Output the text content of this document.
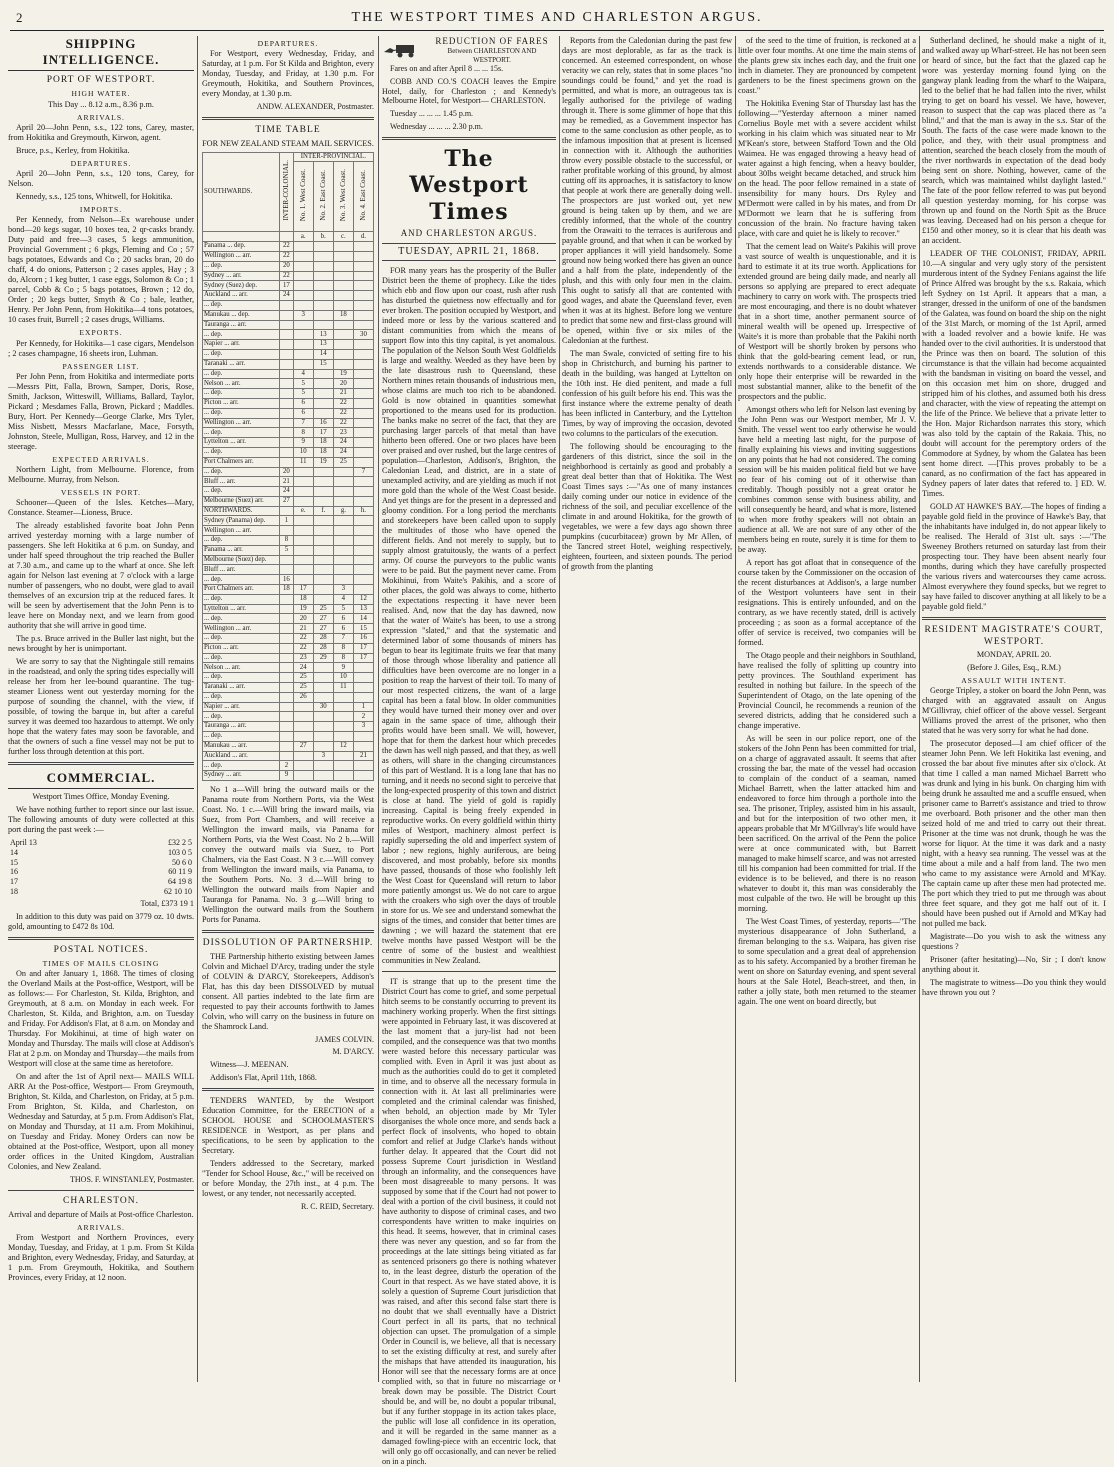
2	THE WESTPORT TIMES AND CHARLESTON ARGUS.
SHIPPING INTELLIGENCE.
PORT OF WESTPORT.
HIGH WATER.

This Day ... 8.12 a.m., 8.36 p.m.

ARRIVALS.

April 20—John Penn, s.s., 122 tons, Carey, master, from Hokitika and Greymouth, Kirwon, agent.

Bruce, p.s., Kerley, from Hokitika.

DEPARTURES.

April 20—John Penn, s.s., 120 tons, Carey, for Nelson.

Kennedy, s.s., 125 tons, Whitwell, for Hokitika.

IMPORTS.

Per Kennedy, from Nelson—Ex warehouse under bond—20 kegs sugar, 10 boxes tea, 2 qr-casks brandy. Duty paid and free—3 cases, 5 kegs ammunition, Provincial Government ; 6 pkgs, Fleming and Co ; 57 bags potatoes, Edwards and Co ; 20 sacks bran, 20 do chaff, 4 do onions, Patterson ; 2 cases apples, Hay ; 3 do, Alcorn ; 1 keg butter, 1 case eggs, Solomon & Co ; 1 parcel, Cobb & Co ; 5 bags potatoes, Brown ; 12 do, Order ; 20 kegs butter, Smyth & Co ; bale, leather, Henry. Per John Penn, from Hokitika—4 tons potatoes, 10 cases fruit, Burrell ; 2 cases drugs, Williams.

EXPORTS.

Per Kennedy, for Hokitika—1 case cigars, Mendelson ; 2 cases champagne, 16 sheets iron, Luhman.

PASSENGER LIST.

Per John Penn, from Hokitika and intermediate ports—Messrs Pitt, Falla, Brown, Samper, Doris, Rose, Smith, Jackson, Witteswill, Williams, Ballard, Taylor, Pickard ; Mesdames Falla, Brown, Pickard ; Maddles. Bury, Hort. Per Kennedy—George Clarke, Mrs Tyler, Miss Nisbett, Messrs Macfarlane, Mace, Forsyth, Johnston, Steele, Mulligan, Ross, Harvey, and 12 in the steerage.

EXPECTED ARRIVALS.

Northern Light, from Melbourne. Florence, from Melbourne. Murray, from Nelson.

VESSELS IN PORT.

Schooner—Queen of the Isles. Ketches—Mary, Constance. Steamer—Lioness, Bruce.

The already established favorite boat John Penn arrived yesterday morning with a large number of passengers. She left Hokitika at 6 p.m. on Sunday, and under half speed throughout the trip reached the Buller at 7.30 a.m., and came up to the wharf at once. She left again for Nelson last evening at 7 o'clock with a large number of passengers, who no doubt, were glad to avail themselves of an excursion trip at the reduced fares. It will be seen by advertisement that the John Penn is to leave here on Monday next, and we learn from good authority that she will arrive in good time.

The p.s. Bruce arrived in the Buller last night, but the news brought by her is unimportant.

We are sorry to say that the Nightingale still remains in the roadstead, and only the spring tides especially will release her from her lee-bound quarantine. The tug-steamer Lioness went out yesterday morning for the purpose of sounding the channel, with the view, if possible, of towing the barque in, but after a careful survey it was deemed too hazardous to attempt. We only hope that the watery fates may soon be favorable, and that the owners of such a fine vessel may not be put to further loss through detention at this port.

COMMERCIAL.

Westport Times Office, Monday Evening.

We have nothing further to report since our last issue. The following amounts of duty were collected at this port during the past week :—

April 13	£32 2 5
14	103 0 5
15	50 6 0
16	60 11 9
17	64 19 8
18	62 10 10

Total, £373 19 1

In addition to this duty was paid on 3779 oz. 10 dwts. gold, amounting to £472 8s 10d.

POSTAL NOTICES.
TIMES OF MAILS CLOSING

On and after January 1, 1868. The times of closing the Overland Mails at the Post-office, Westport, will be as follows:— For Charleston, St. Kilda, Brighton, and Greymouth, at 8 a.m. on Monday in each week. For Charleston, St. Kilda, and Brighton, a.m. on Tuesday and Friday. For Addison's Flat, at 8 a.m. on Monday and Thursday. For Mokihinui, at time of high water on Monday and Thursday. The mails will close at Addison's Flat at 2 p.m. on Monday and Thursday—the mails from Westport will close at the same time as heretofore.

On and after the 1st of April next— MAILS WILL ARR At the Post-office, Westport— From Greymouth, Brighton, St. Kilda, and Charleston, on Friday, at 5 p.m. From Brighton, St. Kilda, and Charleston, on Wednesday and Saturday, at 5 p.m. From Addison's Flat, on Monday and Thursday, at 11 a.m. From Mokihinui, on Tuesday and Friday. Money Orders can now be obtained at the Post-office, Westport, upon all money order offices in the United Kingdom, Australian Colonies, and New Zealand.

THOS. F. WINSTANLEY, Postmaster.

CHARLESTON.

Arrival and departure of Mails at Post-office Charleston.

ARRIVALS.

From Westport and Northern Provinces, every Monday, Tuesday, and Friday, at 1 p.m. From St Kilda and Brighton, every Wednesday, Friday, and Saturday, at 1 p.m. From Greymouth, Hokitika, and Southern Provinces, every Friday, at 12 noon.

DEPARTURES.

For Westport, every Wednesday, Friday, and Saturday, at 1 p.m. For St Kilda and Brighton, every Monday, Tuesday, and Friday, at 1.30 p.m. For Greymouth, Hokitika, and Southern Provinces, every Monday, at 1.30 p.m.

ANDW. ALEXANDER, Postmaster.

TIME TABLE

FOR NEW ZEALAND STEAM MAIL SERVICES.

SOUTHWARDS.	INTER-COLONIAL.	INTER-PROVINCIAL.			
		No. 1. West Coast.	No. 2. East Coast.	No. 3. West Coast.	No. 4. East Coast.
		a.	b.	c.	d.
Panama ... dep.	22				
Wellington ... arr.	22				
... dep.	20				
Sydney ... arr.	22				
Sydney (Suez) dep.	17				
Auckland ... arr.	24				
... dep.					
Manukau ... dep.		3		18	
Tauranga ... arr.					
... dep.			13		30
Napier ... arr.			13		
... dep.			14		
Taranaki ... arr.			15		
... dep.		4		19	
Nelson ... arr.		5		20	
... dep.		5		21	
Picton ... arr.		6		22	
... dep.		6		22	
Wellington ... arr.		7	16	22	
... dep.		8	17	23	
Lyttelton ... arr.		9	18	24	
... dep.		10	18	24	
Port Chalmers arr.		11	19	25	
... dep.	20				7
Bluff ... arr.	21				
... dep.	24				
Melbourne (Suez) arr.	27				
NORTHWARDS.		e.	f.	g.	h.
Sydney (Panama) dep.	1				
Wellington ... arr.					
... dep.	8				
Panama ... arr.	5				
Melbourne (Suez) dep.					
Bluff ... arr.					
... dep.	16				
Port Chalmers arr.	18	17		3	
... dep.		18		4	12
Lyttelton ... arr.		19	25	5	13
... dep.		20	27	6	14
Wellington ... arr.		21	27	6	15
... dep.		22	28	7	16
Picton ... arr.		22	28	8	17
... dep.		23	29	8	17
Nelson ... arr.		24		9	
... dep.		25		10	
Taranaki ... arr.		25		11	
... dep.		26			
Napier ... arr.			30		1
... dep.					2
Tauranga ... arr.					3
... dep.					
Manukau ... arr.		27		12	
Auckland ... arr.			3		21
... dep.	2				
Sydney ... arr.	9				

No 1 a—Will bring the outward mails or the Panama route from Northern Ports, via the West Coast. No. 1 c.—Will bring the inward mails, via Suez, from Port Chambers, and will receive a Wellington the inward mails, via Panama for Northern Ports, via the West Coast. No 2 b.—Will convey the outward mails via Suez, to Port Chalmers, via the East Coast. N 3 c.—Will convey from Wellington the inward mails, via Panama, to the Southern Ports. No. 3 d.—Will bring to Wellington the outward mails from Napier and Tauranga for Panama. No. 3 g.—Will bring to Wellington the outward mails from the Southern Ports for Panama.

DISSOLUTION OF PARTNERSHIP.

THE Partnership hitherto existing between James Colvin and Michael D'Arcy, trading under the style of COLVIN & D'ARCY, Storekeepers, Addison's Flat, has this day been DISSOLVED by mutual consent. All parties indebted to the late firm are requested to pay their accounts forthwith to James Colvin, who will carry on the business in future on the Shamrock Land.

JAMES COLVIN.

M. D'ARCY.

Witness—J. MEENAN.

Addison's Flat, April 11th, 1868.

TENDERS WANTED, by the Westport Education Committee, for the ERECTION of a SCHOOL HOUSE and SCHOOLMASTER'S RESIDENCE in Westport, as per plans and specifications, to be seen by application to the Secretary.

Tenders addressed to the Secretary, marked "Tender for School House, &c.," will be received on or before Monday, the 27th inst., at 4 p.m. The lowest, or any tender, not necessarily accepted.

R. C. REID, Secretary.

REDUCTION OF FARES
Between CHARLESTON AND WESTPORT.

Fares on and after April 8 ... ... 15s.

COBB AND CO.'S COACH leaves the Empire Hotel, daily, for Charleston ; and Kennedy's Melbourne Hotel, for Westport— CHARLESTON.

Tuesday ... ... ... 1.45 p.m.

Wednesday ... ... ... 2.30 p.m.

The Westport Times
AND CHARLESTON ARGUS.
TUESDAY, APRIL 21, 1868.

FOR many years has the prosperity of the Buller District been the theme of prophecy. Like the tides which ebb and flow upon our coast, rush after rush has disturbed the quietness now effectually and for ever broken. The position occupied by Westport, and indeed more or less by the various scattered and distant communities from which the means of support flow into this tiny capital, is yet anomalous. The population of the Nelson South West Goldfields is large and wealthy. Weeded as they have been by the late disastrous rush to Queensland, these Northern mines retain thousands of industrious men, whose claims are much too rich to be abandoned. Gold is now obtained in quantities somewhat proportioned to the means used for its production. The banks make no secret of the fact, that they are purchasing larger parcels of that metal than have hitherto been offered. One or two places have been over praised and over rushed, but the large centres of population—Charleston, Addison's, Brighton, the Caledonian Lead, and district, are in a state of unexampled activity, and are yielding as much if not more gold than the whole of the West Coast beside. And yet things are for the present in a depressed and gloomy condition. For a long period the merchants and storekeepers have been called upon to supply the multitudes of those who have opened the different fields. And not merely to supply, but to supply almost gratuitously, the wants of a perfect army. Of course the purveyors to the public wants were to be paid. But the payment never came. From Mokihinui, from Waite's Pakihis, and a score of other places, the gold was always to come, hitherto the expectations respecting it have never been realised. And, now that the day has dawned, now that the water of Waite's has been, to use a strong expression "slated," and that the systematic and determined labor of some thousands of miners has begun to bear its legitimate fruits we fear that many of those through whose liberality and patience all difficulties have been overcome are no longer in a position to reap the harvest of their toil. To many of our most respected citizens, the want of a large capital has been a fatal blow. In older communities they would have turned their money over and over again in the same space of time, although their profits would have been small. We will, however, hope that for them the darkest hour which precedes the dawn has well nigh passed, and that they, as well as others, will share in the changing circumstances of this part of Westland. It is a long lane that has no turning, and it needs no second sight to perceive that the long-expected prosperity of this town and district is close at hand. The yield of gold is rapidly increasing. Capital is being freely expended in reproductive works. On every goldfield within thirty miles of Westport, machinery almost perfect is rapidly superseding the old and imperfect system of labor ; new regions, highly auriferous, are being discovered, and most probably, before six months have passed, thousands of those who foolishly left the West Coast for Queensland will return to labor more patiently amongst us. We do not care to argue with the croakers who sigh over the days of trouble in store for us. We see and understand somewhat the signs of the times, and consider that better times are dawning ; we will hazard the statement that ere twelve months have passed Westport will be the centre of some of the busiest and wealthiest communities in New Zealand.

IT is strange that up to the present time the District Court has come to grief, and some perpetual hitch seems to be constantly occurring to prevent its machinery working properly. When the first sittings were appointed in February last, it was discovered at the last moment that a jury-list had not been compiled, and the consequence was that two months were wasted before this necessary particular was complied with. Even in April it was just about as much as the authorities could do to get it completed in time, and to observe all the necessary formula in connection with it. At last all preliminaries were completed and the criminal calendar was finished, when behold, an objection made by Mr Tyler disorganises the whole once more, and sends back a perfect flock of insolvents, who hoped to obtain comfort and relief at Judge Clarke's hands without further delay. It appeared that the Court did not possess Supreme Court jurisdiction in Westland through an informality, and the consequences have been most disagreeable to many persons. It was supposed by some that if the Court had not power to deal with a portion of the civil business, it could not have authority to dispose of criminal cases, and two correspondents have written to make inquiries on this head. It seems, however, that in criminal cases there was never any question, and so far from the proceedings at the late sittings being vitiated as far as sentenced prisoners go there is nothing whatever to, in the least degree, disturb the operation of the Court in that respect. As we have stated above, it is solely a question of Supreme Court jurisdiction that was raised, and after this second false start there is no doubt that we shall eventually have a District Court perfect in all its parts, that no technical objection can upset. The promulgation of a simple Order in Council is, we believe, all that is necessary to set the existing difficulty at rest, and surely after the mishaps that have attended its inauguration, his Honor will see that the necessary forms are at once complied with, so that in future no miscarriage or break down may be possible. The District Court should be, and will be, no doubt a popular tribunal, but if any further stoppage in its action takes place, the public will lose all confidence in its operation, and it will be regarded in the same manner as a damaged fowling-piece with an eccentric lock, that will only go off occasionally, and can never be relied on in a pinch.

Reports from the Caledonian during the past few days are most deplorable, as far as the track is concerned. An esteemed correspondent, on whose veracity we can rely, states that in some places "no soundings could be found," and yet the road is permitted, and what is more, an outrageous tax is legally authorised for the privilege of wading through it. There is some glimmer of hope that this may be remedied, as a Government inspector has come to the same conclusion as other people, as to the infamous imposition that at present is licensed in connection with it. Although the authorities throw every possible obstacle to the successful, or rather profitable working of this ground, by almost cutting off its approaches, it is satisfactory to know that people at work there are generally doing well. The prospectors are just worked out, yet new ground is being taken up by them, and we are credibly informed, that the whole of the country from the Orawaiti to the terraces is auriferous and payable ground, and that when it can be worked by proper appliances it will yield handsomely. Some ground now being worked there has given an ounce and a half from the plate, independently of the plush, and this with only four men in the claim. This ought to satisfy all that are contented with good wages, and abate the Queensland fever, even when it was at its highest. Before long we venture to predict that some new and first-class ground will be opened, within five or six miles of the Caledonian at the furthest.

The man Swale, convicted of setting fire to his shop in Christchurch, and burning his partner to death in the building, was hanged at Lyttelton on the 10th inst. He died penitent, and made a full confession of his guilt before his end. This was the first instance where the extreme penalty of death has been inflicted in Canterbury, and the Lyttelton Times, by way of improving the occasion, devoted two columns to the particulars of the execution.

The following should be encouraging to the gardeners of this district, since the soil in the neighborhood is certainly as good and probably a great deal better than that of Hokitika. The West Coast Times says :—"As one of many instances daily coming under our notice in evidence of the richness of the soil, and peculiar excellence of the climate in and around Hokitika, for the growth of vegetables, we were a few days ago shown three pumpkins (cucurbitaceæ) grown by Mr Allen, of the Tancred street Hotel, weighing respectively, eighteen, fourteen, and sixteen pounds. The period of growth from the planting

of the seed to the time of fruition, is reckoned at a little over four months. At one time the main stems of the plants grew six inches each day, and the fruit one inch in diameter. They are pronounced by competent gardeners to be the finest specimens grown on the coast."

The Hokitika Evening Star of Thursday last has the following—"Yesterday afternoon a miner named Cornelius Boyle met with a severe accident whilst working in his claim which was situated near to Mr M'Kean's store, between Stafford Town and the Old Waimea. He was engaged throwing a heavy head of water against a high fencing, when a heavy boulder, about 30lbs weight became detached, and struck him on the head. The poor fellow remained in a state of insensibility for many hours. Drs Ryley and M'Dermott were called in by his mates, and from Dr M'Dormott we learn that he is suffering from concussion of the brain. No fracture having taken place, with care and quiet he is likely to recover."

That the cement lead on Waite's Pakihis will prove a vast source of wealth is unquestionable, and it is hard to estimate it at its true worth. Applications for extended ground are being daily made, and nearly all persons so applying are prepared to erect adequate machinery to carry on work with. The prospects tried are most encouraging, and there is no doubt whatever that in a short time, another permanent source of mineral wealth will be opened up. Irrespective of Waite's it is more than probable that the Pakihi north of Westport will be shortly broken by persons who think that the gold-bearing cement lead, or run, extends northwards to a considerable distance. We only hope their enterprise will be rewarded in the most substantial manner, alike to the benefit of the prospectors and the public.

Amongst others who left for Nelson last evening by the John Penn was our Westport member, Mr J. V. Smith. The vessel went too early otherwise he would have held a meeting last night, for the purpose of finally explaining his views and inviting suggestions on any points that he had not considered. The coming session will be his maiden political field but we have no fear of his coming out of it otherwise than creditably. Though possibly not a great orator he combines common sense with business ability, and will consequently be heard, and what is more, listened to when more frothy speakers will not obtain an audience at all. We are not sure of any other of the members being en route, surely it is time for them to be away.

A report has got afloat that in consequence of the course taken by the Commissioner on the occasion of the recent disturbances at Addison's, a large number of the Westport volunteers have sent in their resignations. This is entirely unfounded, and on the contrary, as we have recently stated, drill is actively proceeding ; as soon as a formal acceptance of the offer of service is received, two companies will be formed.

The Otago people and their neighbors in Southland, have realised the folly of splitting up country into petty provinces. The Southland experiment has resulted in nothing but failure. In the speech of the Superintendent of Otago, on the late opening of the Provincial Council, he recommends a reunion of the severed districts, adding that he considered such a change imperative.

As will be seen in our police report, one of the stokers of the John Penn has been committed for trial, on a charge of aggravated assault. It seems that after crossing the bar, the mate of the vessel had occasion to complain of the conduct of a seaman, named Michael Barrett, when the latter attacked him and endeavored to force him through a porthole into the sea. The prisoner, Tripley, assisted him in his assault, and but for the interposition of two other men, it appears probable that Mr M'Gillvray's life would have been sacrificed. On the arrival of the Penn the police were at once communicated with, but Barrett managed to make himself scarce, and was not arrested till his companion had been committed for trial. If the evidence is to be believed, and there is no reason whatever to doubt it, this man was considerably the most culpable of the two. He will be brought up this morning.

The West Coast Times, of yesterday, reports—"The mysterious disappearance of John Sutherland, a fireman belonging to the s.s. Waipara, has given rise to some speculation and a great deal of apprehension as to his safety. Accompanied by a brother fireman he went on shore on Saturday evening, and spent several hours at the Sale Hotel, Beach-street, and then, in rather a jolly state, both men returned to the steamer again. The one went on board directly, but

Sutherland declined, he should make a night of it, and walked away up Wharf-street. He has not been seen or heard of since, but the fact that the glazed cap he wore was yesterday morning found lying on the gangway plank leading from the wharf to the Waipara, led to the belief that he had fallen into the river, whilst trying to get on board his vessel. We have, however, reason to suspect that the cap was placed there as "a blind," and that the man is away in the s.s. Star of the South. The facts of the case were made known to the police, and they, with their usual promptness and attention, searched the beach closely from the mouth of the river northwards in expectation of the dead body being sent on shore. Nothing, however, came of the search, which was maintained whilst daylight lasted." The fate of the poor fellow referred to was put beyond all question yesterday morning, for his corpse was thrown up and found on the North Spit as the Bruce was leaving. Deceased had on his person a cheque for £150 and other money, so it is clear that his death was an accident.

LEADER OF THE COLONIST, FRIDAY, APRIL 10.—A singular and very ugly story of the persistent murderous intent of the Sydney Fenians against the life of Prince Alfred was brought by the s.s. Rakaia, which left Sydney on 1st April. It appears that a man, a stranger, dressed in the uniform of one of the bandsmen of the Galatea, was found on board the ship on the night of the 31st March, or morning of the 1st April, armed with a loaded revolver and a bowie knife. He was handed over to the civil authorities. It is understood that the Prince was then on board. The solution of this circumstance is that the villain had become acquainted with the bandsman in visiting on board the vessel, and on this occasion met him on shore, drugged and stripped him of his clothes, and assumed both his dress and character, with the view of repeating the attempt on the life of the Prince. We believe that a private letter to the Hon. Major Richardson narrates this story, which was also told by the captain of the Rakaia. This, no doubt will account for the peremptory orders of the Commodore at Sydney, by whom the Galatea has been sent home direct. —[This proves probably to be a canard, as no confirmation of the fact has appeared in Sydney papers of later dates that refered to. ] ED. W. Times.

GOLD AT HAWKE'S BAY.—The hopes of finding a payable gold field in the province of Hawke's Bay, that the inhabitants have indulged in, do not appear likely to be realised. The Herald of 31st ult. says :—"The Sweeney Brothers returned on saturday last from their prospecting tour. They have been absent nearly four months, during which they have carefully prospected the various rivers and watercourses they came across. Almost everywhere they found specks, but we regret to say have failed to discover anything at all likely to be a payable gold field."

RESIDENT MAGISTRATE'S COURT, WESTPORT.

MONDAY, APRIL 20.

(Before J. Giles, Esq., R.M.)

ASSAULT WITH INTENT.

George Tripley, a stoker on board the John Penn, was charged with an aggravated assault on Angus M'Gillivray, chief officer of the above vessel. Sergeant Williams proved the arrest of the prisoner, who then stated that he was very sorry for what he had done.

The prosecutor deposed—I am chief officer of the steamer John Penn. We left Hokitika last evening, and crossed the bar about five minutes after six o'clock. At that time I called a man named Michael Barrett who was drunk and lying in his bunk. On charging him with being drunk he assaulted me and a scuffle ensued, when prisoner came to Barrett's assistance and tried to throw me overboard. Both prisoner and the other man then seized hold of me and tried to carry out their threat. Prisoner at the time was not drunk, though he was the worse for liquor. At the time it was dark and a nasty night, with a heavy sea running. The vessel was at the time about a mile and a half from land. The two men who came to my assistance were Arnold and M'Kay. The captain came up after these men had protected me. The port which they tried to put me through was about three feet square, and they got me half out of it. I should have been pushed out if Arnold and M'Kay had not pulled me back.

Magistrate—Do you wish to ask the witness any questions ?

Prisoner (after hesitating)—No, Sir ; I don't know anything about it.

The magistrate to witness—Do you think they would have thrown you out ?
